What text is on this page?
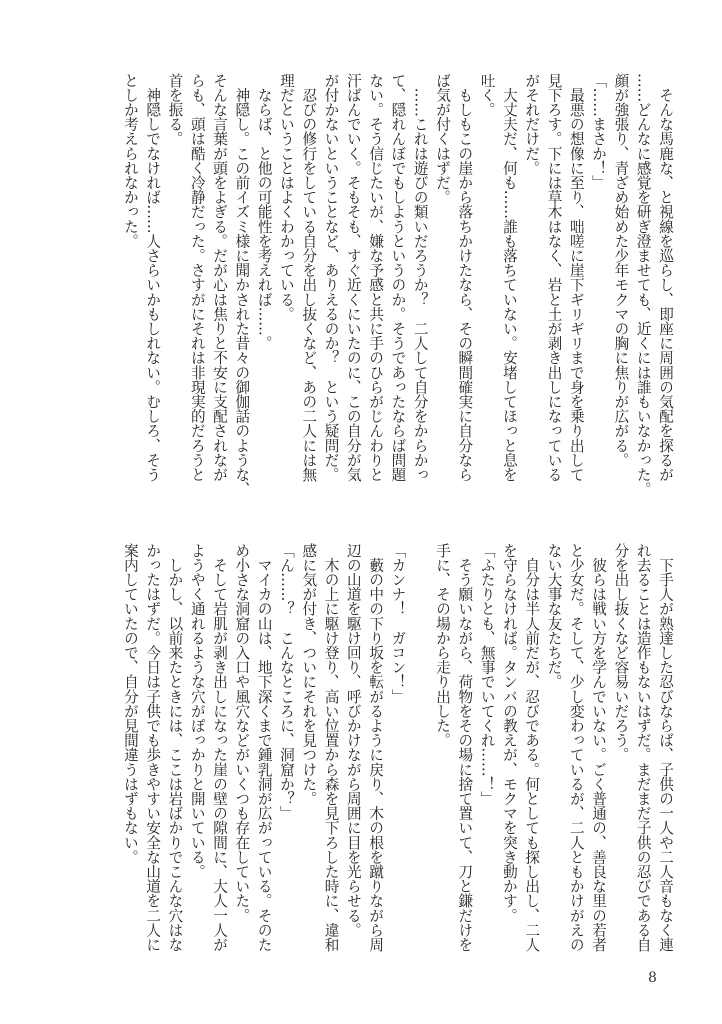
　そんな馬鹿な、と視線を巡らし、即座に周囲の気配を探るが
……どんなに感覚を研ぎ澄ませても、近くには誰もいなかった。
顔が強張り、青ざめ始めた少年モクマの胸に焦りが広がる。
「……まさか！」
　最悪の想像に至り、咄嗟に崖下ギリギリまで身を乗り出して
見下ろす。下には草木はなく、岩と土が剥き出しになっている
がそれだけだ。
　大丈夫だ、何も……誰も落ちていない。安堵してほっと息を
吐く。
　もしもこの崖から落ちかけたなら、その瞬間確実に自分なら
ば気が付くはずだ。
　……これは遊びの類いだろうか？　二人して自分をからかっ
て、隠れんぼでもしようというのか。そうであったならば問題
ない。そう信じたいが、嫌な予感と共に手のひらがじんわりと
汗ばんでいく。そもそも、すぐ近くにいたのに、この自分が気
が付かないということなど、ありえるのか？　という疑問だ。
　忍びの修行をしている自分を出し抜くなど、あの二人には無
理だということはよくわかっている。
　ならば、と他の可能性を考えれば……。
　神隠し。この前イズミ様に聞かされた昔々の御伽話のような、
そんな言葉が頭をよぎる。だが心は焦りと不安に支配されなが
らも、頭は酷く冷静だった。さすがにそれは非現実的だろうと
首を振る。
　神隠しでなければ……人さらいかもしれない。むしろ、そう
としか考えられなかった。
　下手人が熟達した忍びならば、子供の一人や二人音もなく連
れ去ることは造作もないはずだ。まだまだ子供の忍びである自
分を出し抜くなど容易いだろう。
　彼らは戦い方を学んでいない。ごく普通の、善良な里の若者
と少女だ。そして、少し変わっているが、二人ともかけがえの
ない大事な友たちだ。
　自分は半人前だが、忍びである。何としても探し出し、二人
を守らなければ。タンバの教えが、モクマを突き動かす。
「ふたりとも、無事でいてくれ……！」
　そう願いながら、荷物をその場に捨て置いて、刀と鎌だけを
手に、その場から走り出した。
「カンナ！　ガコン！」
　藪の中の下り坂を転がるように戻り、木の根を蹴りながら周
辺の山道を駆け回り、呼びかけながら周囲に目を光らせる。
　木の上に駆け登り、高い位置から森を見下ろした時に、違和
感に気が付き、ついにそれを見つけた。
「ん……？　こんなところに、洞窟か？」
　マイカの山は、地下深くまで鍾乳洞が広がっている。そのた
め小さな洞窟の入口や風穴などがいくつも存在していた。
　そして岩肌が剥き出しになった崖の壁の隙間に、大人一人が
ようやく通れるような穴がぽっかりと開いている。
　しかし、以前来たときには、ここは岩ばかりでこんな穴はな
かったはずだ。今日は子供でも歩きやすい安全な山道を二人に
案内していたので、自分が見間違うはずもない。
8
